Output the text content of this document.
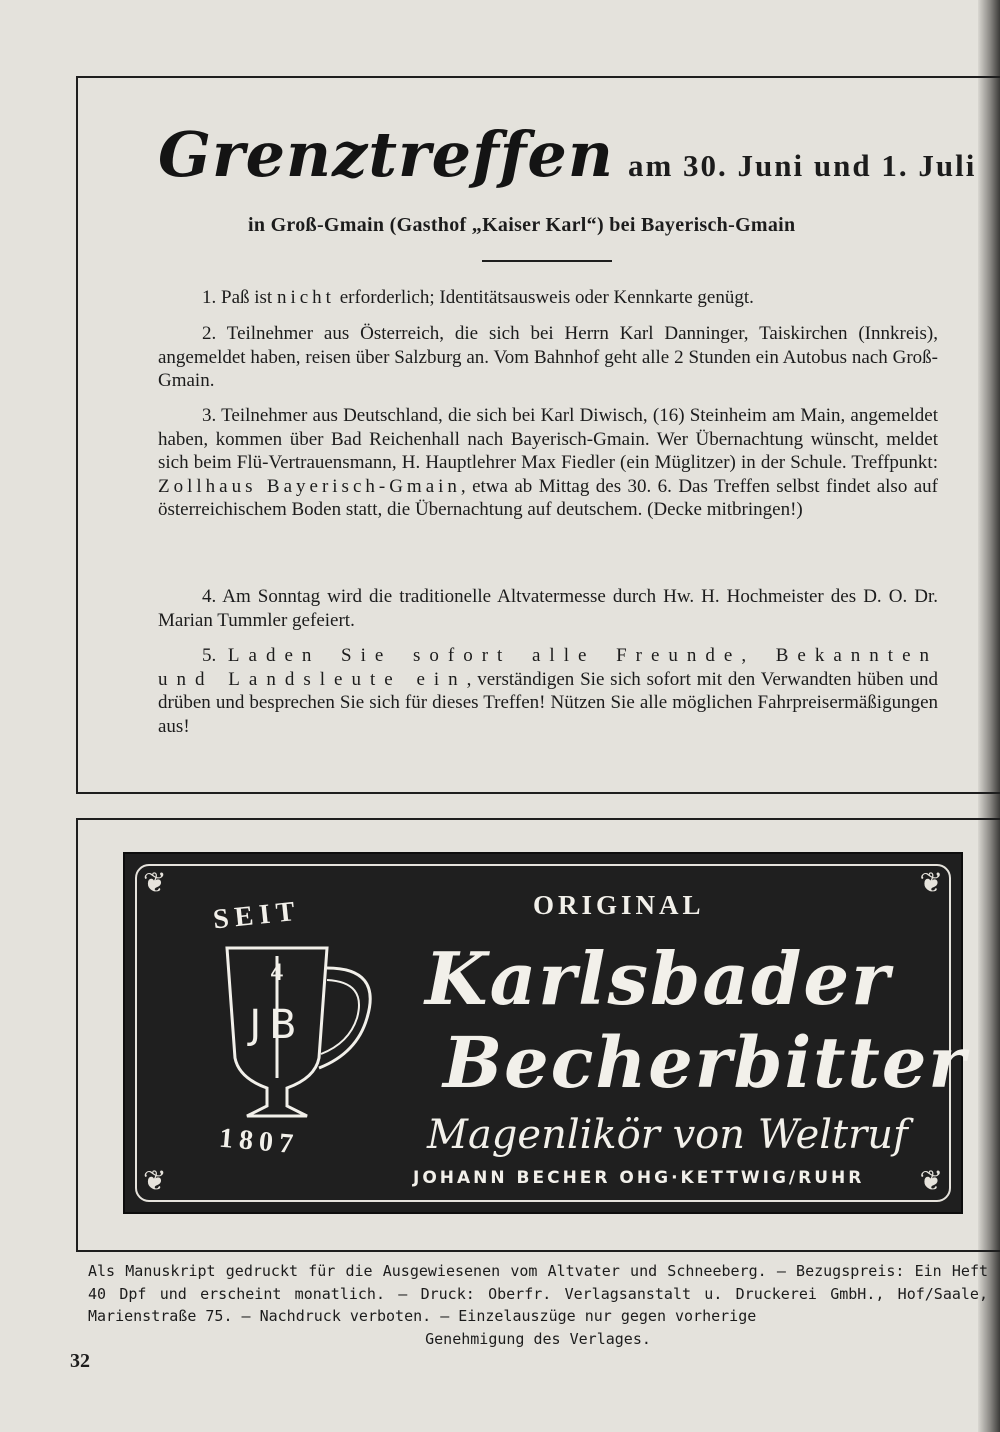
Grenztreffen am 30. Juni und 1. Juli
in Groß-Gmain (Gasthof „Kaiser Karl“) bei Bayerisch-Gmain
1. Paß ist nicht erforderlich; Identitätsausweis oder Kennkarte genügt.
2. Teilnehmer aus Österreich, die sich bei Herrn Karl Danninger, Taiskirchen (Innkreis), angemeldet haben, reisen über Salzburg an. Vom Bahnhof geht alle 2 Stunden ein Autobus nach Groß-Gmain.
3. Teilnehmer aus Deutschland, die sich bei Karl Diwisch, (16) Steinheim am Main, angemeldet haben, kommen über Bad Reichenhall nach Bayerisch-Gmain. Wer Übernachtung wünscht, meldet sich beim Flü-Vertrauensmann, H. Hauptlehrer Max Fiedler (ein Müglitzer) in der Schule. Treffpunkt: Zollhaus Bayerisch-Gmain, etwa ab Mittag des 30. 6. Das Treffen selbst findet also auf österreichischem Boden statt, die Übernachtung auf deutschem. (Decke mitbringen!)
4. Am Sonntag wird die traditionelle Altvatermesse durch Hw. H. Hochmeister des D. O. Dr. Marian Tummler gefeiert.
5. Laden Sie sofort alle Freunde, Bekannten und Landsleute ein, verständigen Sie sich sofort mit den Verwandten hüben und drüben und besprechen Sie sich für dieses Treffen! Nützen Sie alle möglichen Fahrpreisermäßigungen aus!
❦	❦
❦	❦
SEIT
4
JB
1807
ORIGINAL
Karlsbader
Becherbitter
Magenlikör von Weltruf
JOHANN BECHER OHG·KETTWIG/RUHR
Als Manuskript gedruckt für die Ausgewiesenen vom Altvater und Schneeberg. — Bezugspreis: Ein Heft 40 Dpf und erscheint monatlich. — Druck: Oberfr. Verlagsanstalt u. Druckerei GmbH., Hof/Saale, Marienstraße 75. — Nachdruck verboten. — Einzelauszüge nur gegen vorherige
Genehmigung des Verlages.
32
